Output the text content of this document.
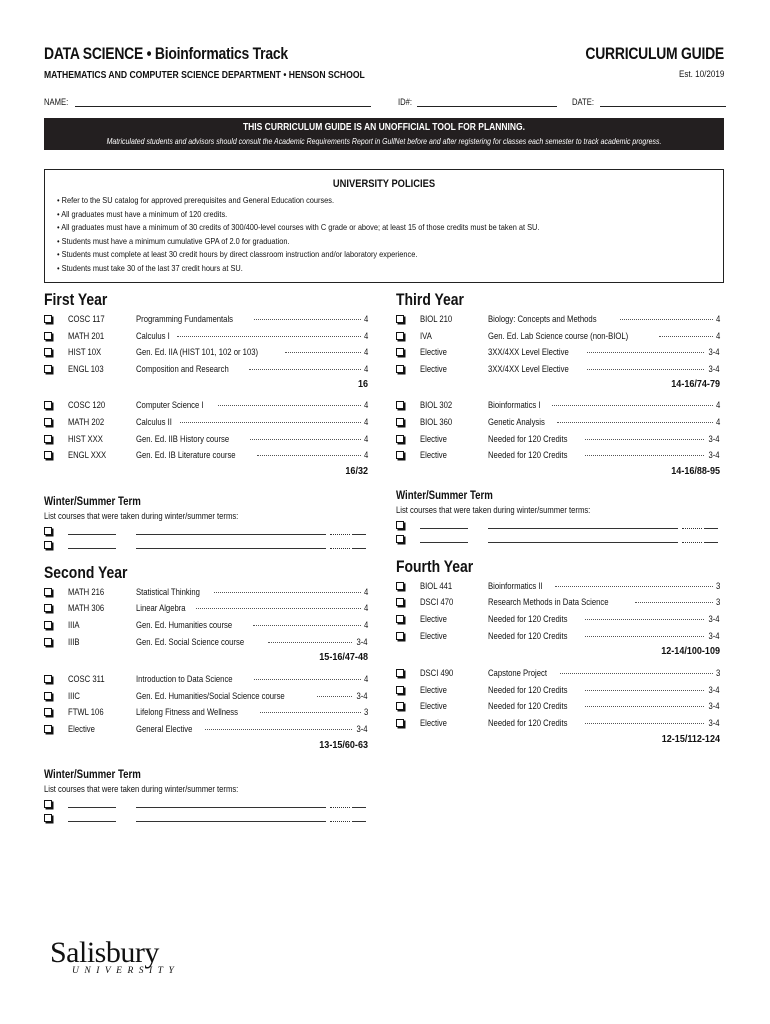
DATA SCIENCE • Bioinformatics Track	CURRICULUM GUIDE
MATHEMATICS AND COMPUTER SCIENCE DEPARTMENT • HENSON SCHOOL	Est. 10/2019
NAME:	ID#:	DATE:
THIS CURRICULUM GUIDE IS AN UNOFFICIAL TOOL FOR PLANNING.
Matriculated students and advisors should consult the Academic Requirements Report in GullNet before and after registering for classes each semester to track academic progress.
UNIVERSITY POLICIES
• Refer to the SU catalog for approved prerequisites and General Education courses.
• All graduates must have a minimum of 120 credits.
• All graduates must have a minimum of 30 credits of 300/400-level courses with C grade or above; at least 15 of those credits must be taken at SU.
• Students must have a minimum cumulative GPA of 2.0 for graduation.
• Students must complete at least 30 credit hours by direct classroom instruction and/or laboratory experience.
• Students must take 30 of the last 37 credit hours at SU.
First Year
COSC 117	Programming Fundamentals	4
MATH 201	Calculus I	4
HIST 10X	Gen. Ed. IIA (HIST 101, 102 or 103)	4
ENGL 103	Composition and Research	4
16
COSC 120	Computer Science I	4
MATH 202	Calculus II	4
HIST XXX	Gen. Ed. IIB History course	4
ENGL XXX	Gen. Ed. IB Literature course	4
16/32
Winter/Summer Term
List courses that were taken during winter/summer terms:
Second Year
MATH 216	Statistical Thinking	4
MATH 306	Linear Algebra	4
IIIA	Gen. Ed. Humanities course	4
IIIB	Gen. Ed. Social Science course	3-4
15-16/47-48
COSC 311	Introduction to Data Science	4
IIIC	Gen. Ed. Humanities/Social Science course	3-4
FTWL 106	Lifelong Fitness and Wellness	3
Elective	General Elective	3-4
13-15/60-63
Winter/Summer Term
List courses that were taken during winter/summer terms:
Third Year
BIOL 210	Biology: Concepts and Methods	4
IVA	Gen. Ed. Lab Science course (non-BIOL)	4
Elective	3XX/4XX Level Elective	3-4
Elective	3XX/4XX Level Elective	3-4
14-16/74-79
BIOL 302	Bioinformatics I	4
BIOL 360	Genetic Analysis	4
Elective	Needed for 120 Credits	3-4
Elective	Needed for 120 Credits	3-4
14-16/88-95
Winter/Summer Term
List courses that were taken during winter/summer terms:
Fourth Year
BIOL 441	Bioinformatics II	3
DSCI 470	Research Methods in Data Science	3
Elective	Needed for 120 Credits	3-4
Elective	Needed for 120 Credits	3-4
12-14/100-109
DSCI 490	Capstone Project	3
Elective	Needed for 120 Credits	3-4
Elective	Needed for 120 Credits	3-4
Elective	Needed for 120 Credits	3-4
12-15/112-124
Salisbury
UNIVERSITY
